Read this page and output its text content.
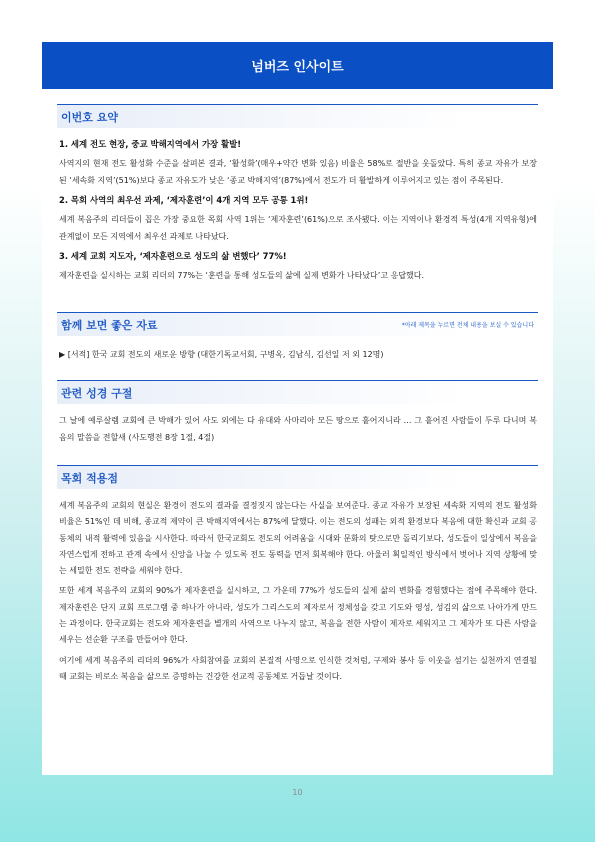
넘버즈 인사이트
이번호 요약

1. 세계 전도 현장, 중교 박해지역에서 가장 활발!

사역지의 현재 전도 활성화 수준을 살펴본 결과, ‘활성화’(매우+약간 변화 있음) 비율은 58%로 절반을 웃돌았다. 특히 종교 자유가 보장된 ‘세속화 지역’(51%)보다 종교 자유도가 낮은 ‘종교 박해지역’(87%)에서 전도가 더 활발하게 이루어지고 있는 점이 주목된다.

2. 목회 사역의 최우선 과제, ‘제자훈련’이 4개 지역 모두 공통 1위!

세계 복음주의 리더들이 꼽은 가장 중요한 목회 사역 1위는 ‘제자훈련’(61%)으로 조사됐다. 이는 지역이나 환경적 특성(4개 지역유형)에 관계없이 모든 지역에서 최우선 과제로 나타났다.

3. 세계 교회 지도자, ‘제자훈련으로 성도의 삶 변했다’ 77%!

제자훈련을 실시하는 교회 리더의 77%는 ‘훈련을 통해 성도들의 삶에 실제 변화가 나타났다’고 응답했다.

함께 보면 좋은 자료	*아래 제목을 누르면 전체 내용을 보실 수 있습니다

▶ [서적] 한국 교회 전도의 새로운 방향 (대한기독교서회, 구병옥, 김남식, 김선일 저 외 12명)

관련 성경 구절

그 날에 예루살렘 교회에 큰 박해가 있어 사도 외에는 다 유대와 사마리아 모든 땅으로 흩어지니라 … 그 흩어진 사람들이 두루 다니며 복음의 말씀을 전할새 (사도행전 8장 1절, 4절)

목회 적용점

세계 복음주의 교회의 현실은 환경이 전도의 결과를 결정짓지 않는다는 사실을 보여준다. 종교 자유가 보장된 세속화 지역의 전도 활성화 비율은 51%인 데 비해, 종교적 제약이 큰 박해지역에서는 87%에 달했다. 이는 전도의 성패는 외적 환경보다 복음에 대한 확신과 교회 공동체의 내적 활력에 있음을 시사한다. 따라서 한국교회도 전도의 어려움을 시대와 문화의 탓으로만 돌리기보다, 성도들이 일상에서 복음을 자연스럽게 전하고 관계 속에서 신앙을 나눌 수 있도록 전도 동력을 먼저 회복해야 한다. 아울러 획일적인 방식에서 벗어나 지역 상황에 맞는 세밀한 전도 전략을 세워야 한다.

또한 세계 복음주의 교회의 90%가 제자훈련을 실시하고, 그 가운데 77%가 성도들의 실제 삶의 변화를 경험했다는 점에 주목해야 한다. 제자훈련은 단지 교회 프로그램 중 하나가 아니라, 성도가 그리스도의 제자로서 정체성을 갖고 기도와 영성, 성김의 삶으로 나아가게 만드는 과정이다. 한국교회는 전도와 제자훈련을 별개의 사역으로 나누지 않고, 복음을 전한 사람이 제자로 세워지고 그 제자가 또 다른 사람을 세우는 선순환 구조를 만들어야 한다.

여기에 세계 복음주의 리더의 96%가 사회참여를 교회의 본질적 사명으로 인식한 것처럼, 구제와 봉사 등 이웃을 섬기는 실천까지 연결될 때 교회는 비로소 복음을 삶으로 증명하는 건강한 선교적 공동체로 거듭날 것이다.

10
